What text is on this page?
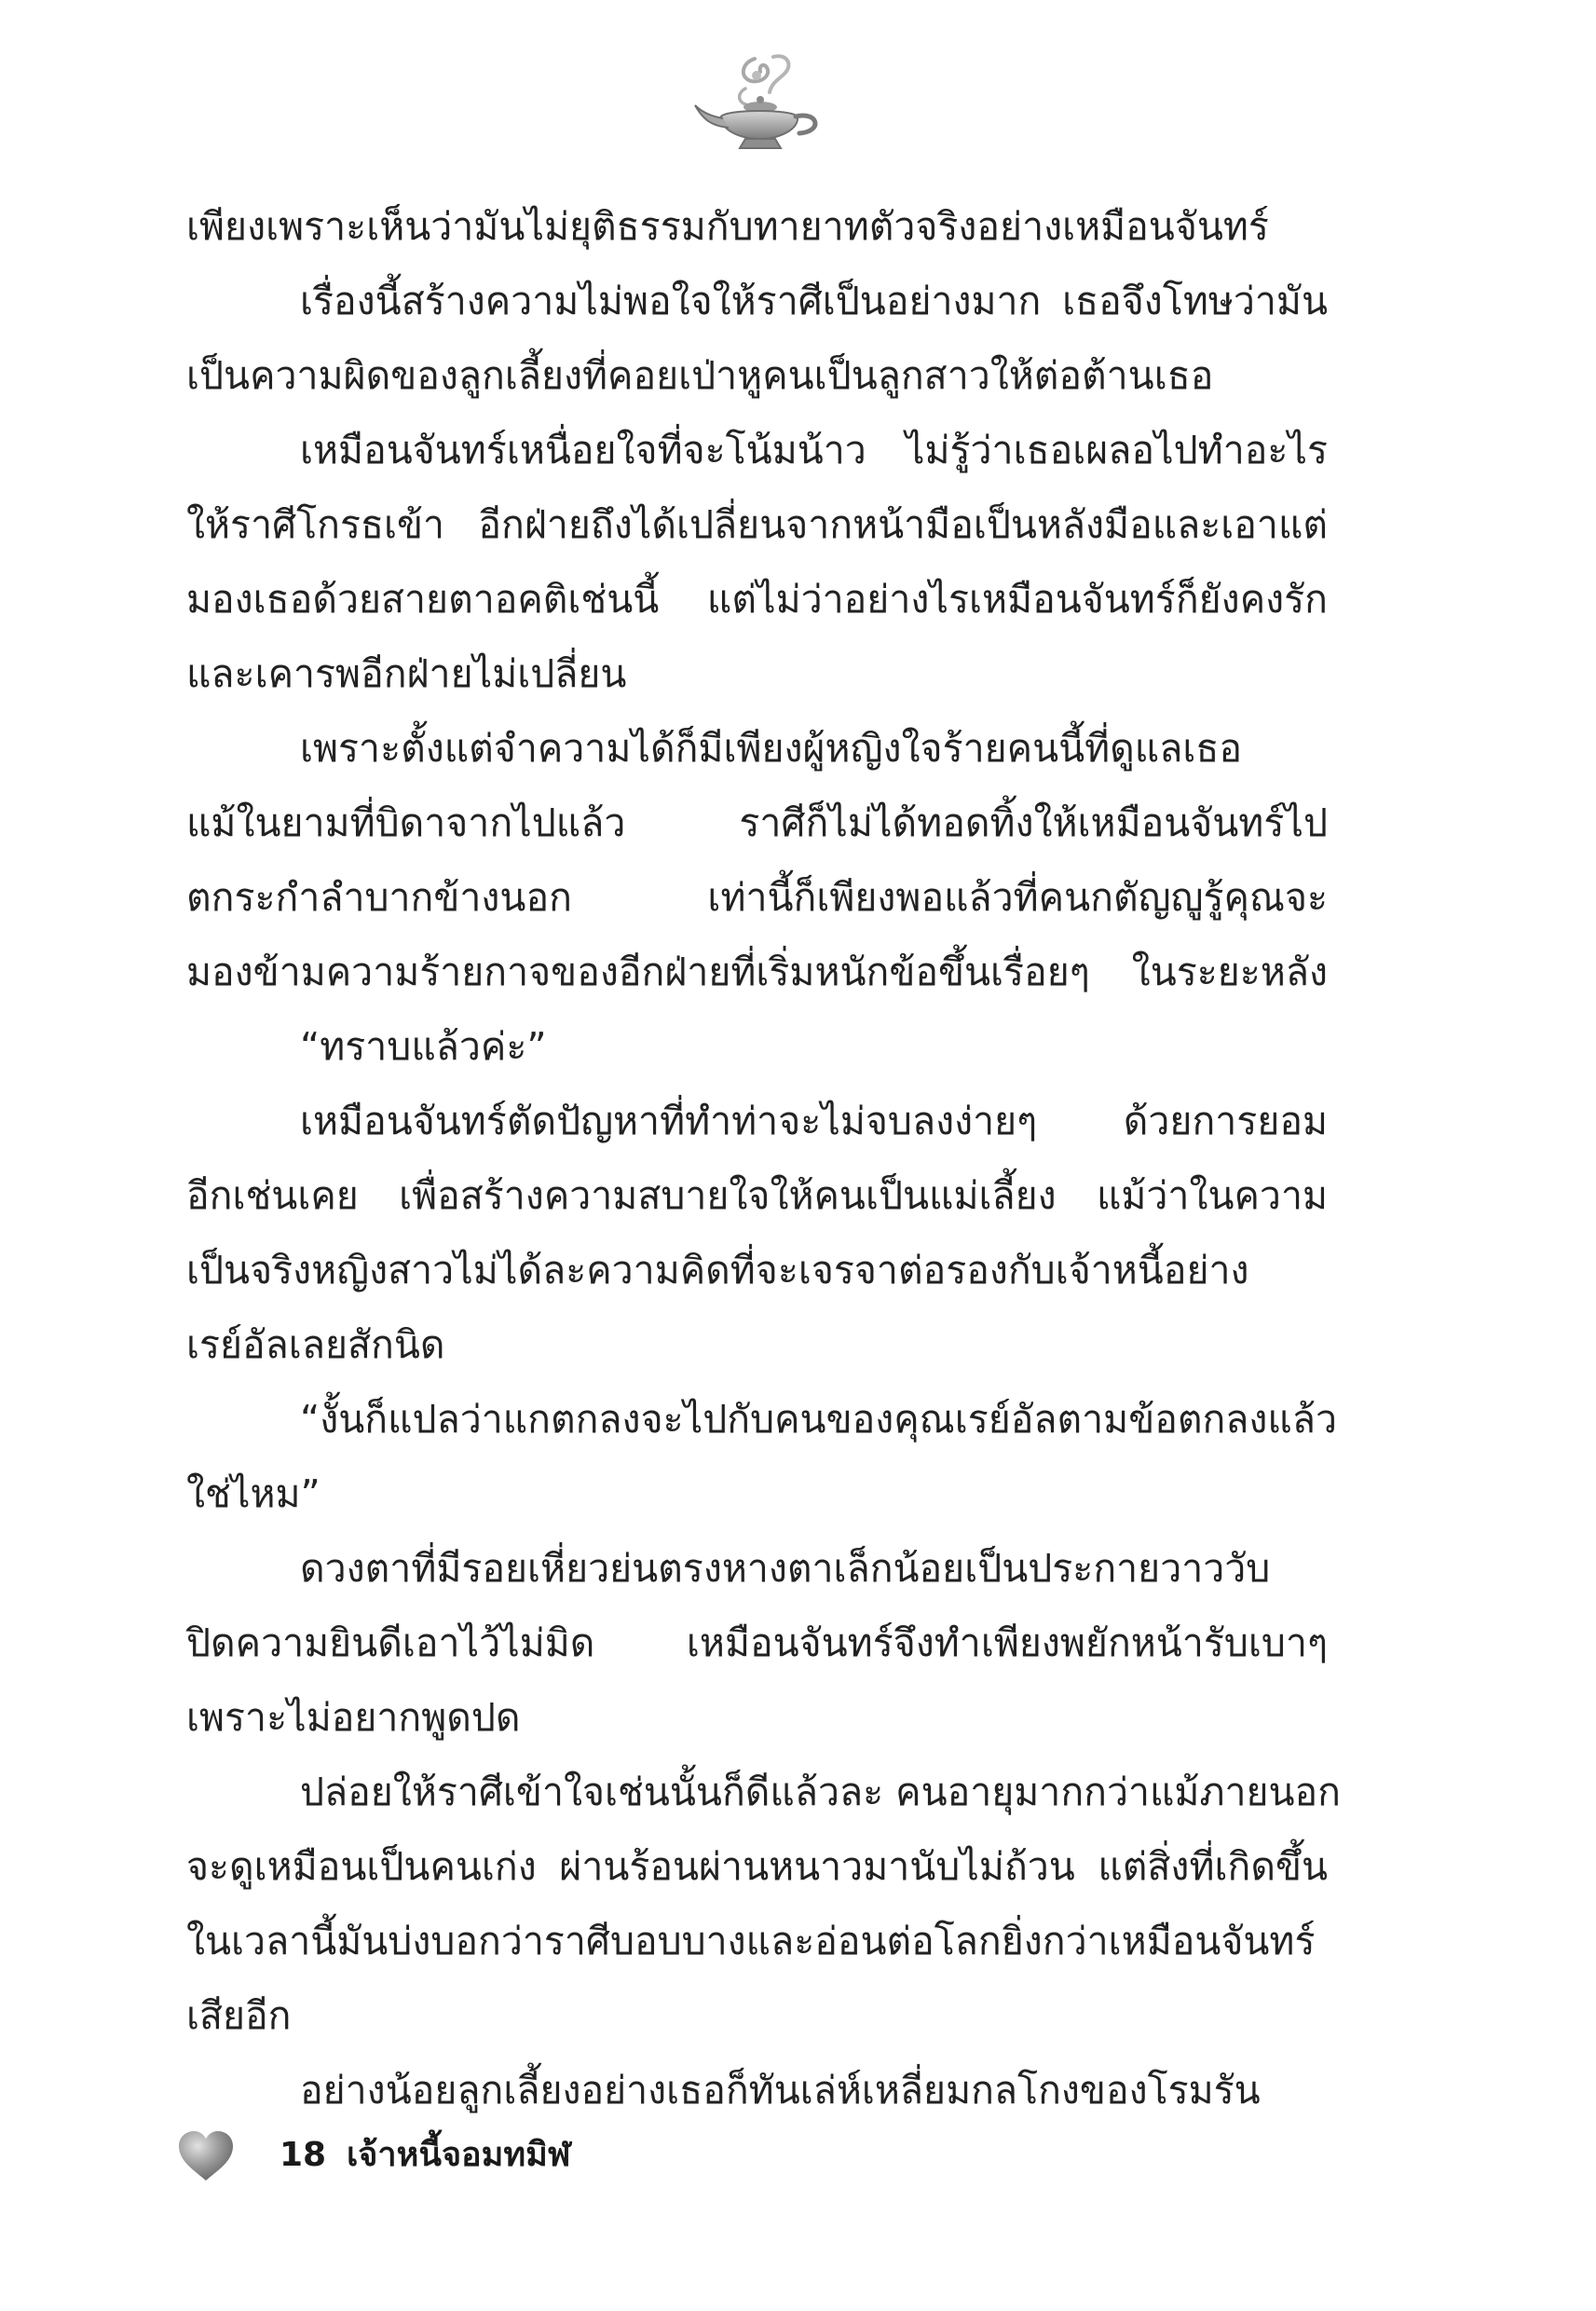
เพียงเพราะเห็นว่ามันไม่ยุติธรรมกับทายาทตัวจริงอย่างเหมือนจันทร์
เรื่องนี้สร้างความไม่พอใจให้ราศีเป็นอย่างมาก เธอจึงโทษว่ามัน
เป็นความผิดของลูกเลี้ยงที่คอยเป่าหูคนเป็นลูกสาวให้ต่อต้านเธอ
เหมือนจันทร์เหนื่อยใจที่จะโน้มน้าว ไม่รู้ว่าเธอเผลอไปทำอะไร
ให้ราศีโกรธเข้า อีกฝ่ายถึงได้เปลี่ยนจากหน้ามือเป็นหลังมือและเอาแต่
มองเธอด้วยสายตาอคติเช่นนี้ แต่ไม่ว่าอย่างไรเหมือนจันทร์ก็ยังคงรัก
และเคารพอีกฝ่ายไม่เปลี่ยน
เพราะตั้งแต่จำความได้ก็มีเพียงผู้หญิงใจร้ายคนนี้ที่ดูแลเธอ
แม้ในยามที่บิดาจากไปแล้ว ราศีก็ไม่ได้ทอดทิ้งให้เหมือนจันทร์ไป
ตกระกำลำบากข้างนอก เท่านี้ก็เพียงพอแล้วที่คนกตัญญูรู้คุณจะ
มองข้ามความร้ายกาจของอีกฝ่ายที่เริ่มหนักข้อขึ้นเรื่อยๆ ในระยะหลัง
“ทราบแล้วค่ะ”
เหมือนจันทร์ตัดปัญหาที่ทำท่าจะไม่จบลงง่ายๆ ด้วยการยอม
อีกเช่นเคย เพื่อสร้างความสบายใจให้คนเป็นแม่เลี้ยง แม้ว่าในความ
เป็นจริงหญิงสาวไม่ได้ละความคิดที่จะเจรจาต่อรองกับเจ้าหนี้อย่าง
เรย์อัลเลยสักนิด
“งั้นก็แปลว่าแกตกลงจะไปกับคนของคุณเรย์อัลตามข้อตกลงแล้ว
ใช่ไหม”
ดวงตาที่มีรอยเหี่ยวย่นตรงหางตาเล็กน้อยเป็นประกายวาววับ
ปิดความยินดีเอาไว้ไม่มิด เหมือนจันทร์จึงทำเพียงพยักหน้ารับเบาๆ
เพราะไม่อยากพูดปด
ปล่อยให้ราศีเข้าใจเช่นนั้นก็ดีแล้วละ คนอายุมากกว่าแม้ภายนอก
จะดูเหมือนเป็นคนเก่ง ผ่านร้อนผ่านหนาวมานับไม่ถ้วน แต่สิ่งที่เกิดขึ้น
ในเวลานี้มันบ่งบอกว่าราศีบอบบางและอ่อนต่อโลกยิ่งกว่าเหมือนจันทร์
เสียอีก
อย่างน้อยลูกเลี้ยงอย่างเธอก็ทันเล่ห์เหลี่ยมกลโกงของโรมรัน
18 เจ้าหนี้จอมทมิฬ
